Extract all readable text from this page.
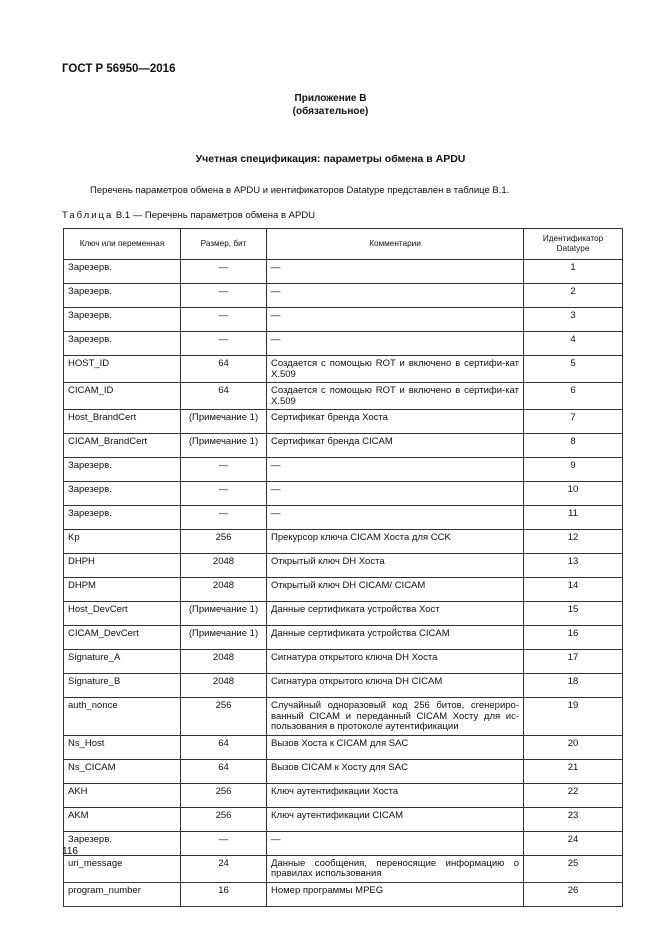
ГОСТ Р 56950—2016
Приложение В
(обязательное)
Учетная спецификация: параметры обмена в APDU
Перечень параметров обмена в APDU и иентификаторов Datatype представлен в таблице В.1.
Таблица В.1 — Перечень параметров обмена в APDU
Ключ или переменная	Размер, бит	Комментарии	Идентификатор Datatype
Зарезерв.	—	—	1
Зарезерв.	—	—	2
Зарезерв.	—	—	3
Зарезерв.	—	—	4
HOST_ID	64	Создается с помощью ROT и включено в сертифи-кат X.509	5
CICAM_ID	64	Создается с помощью ROT и включено в сертифи-кат X.509	6
Host_BrandCert	(Примечание 1)	Сертификат бренда Хоста	7
CICAM_BrandCert	(Примечание 1)	Сертификат бренда CICAM	8
Зарезерв.	—	—	9
Зарезерв.	—	—	10
Зарезерв.	—	—	11
Kp	256	Прекурсор ключа CICAM Хоста для CCK	12
DHPH	2048	Открытый ключ DH Хоста	13
DHPM	2048	Открытый ключ DH CICAM/ CICAM	14
Host_DevCert	(Примечание 1)	Данные сертификата устройства Хост	15
CICAM_DevCert	(Примечание 1)	Данные сертификата устройства CICAM	16
Signature_A	2048	Сигнатура открытого ключа DH Хоста	17
Signature_B	2048	Сигнатура открытого ключа DH CICAM	18
auth_nonce	256	Случайный одноразовый код 256 битов, сгенериро-ванный CICAM и переданный CICAM Хосту для ис-пользования в протоколе аутентификации	19
Ns_Host	64	Вызов Хоста к CICAM для SAC	20
Ns_CICAM	64	Вызов CICAM к Хосту для SAC	21
AKH	256	Ключ аутентификации Хоста	22
AKM	256	Ключ аутентификации CICAM	23
Зарезерв.	—	—	24
uri_message	24	Данные сообщения, переносящие информацию о правилах использования	25
program_number	16	Номер программы MPEG	26
116
